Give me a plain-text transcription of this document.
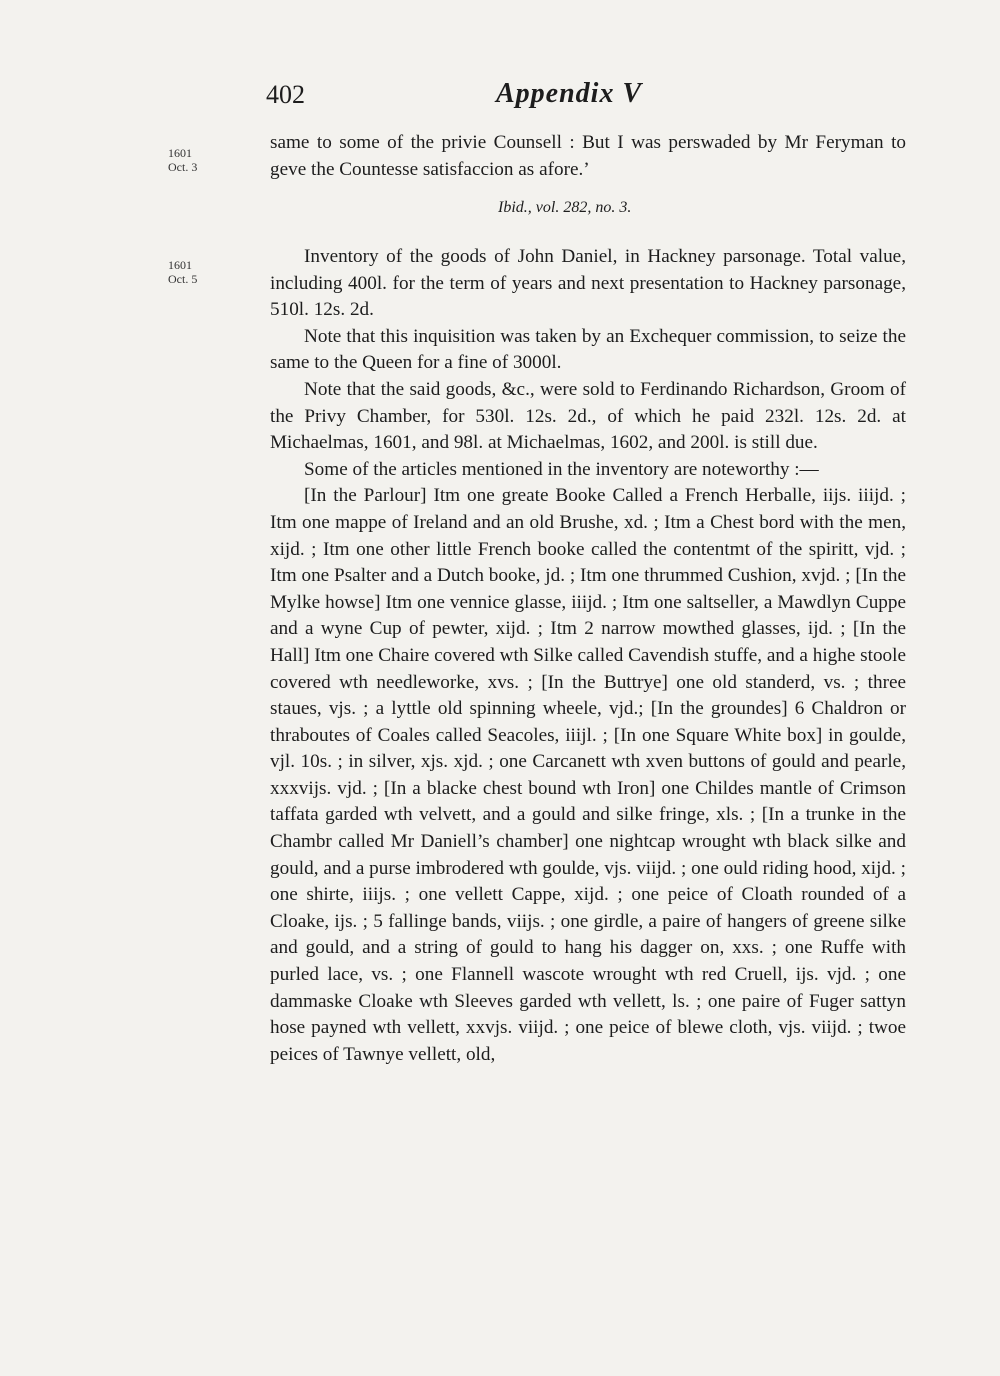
402	Appendix V
1601
Oct. 3

same to some of the privie Counsell : But I was perswaded by Mr Feryman to geve the Countesse satisfaccion as afore.’

Ibid., vol. 282, no. 3.
1601
Oct. 5

Inventory of the goods of John Daniel, in Hackney parsonage. Total value, including 400l. for the term of years and next presentation to Hackney parsonage, 510l. 12s. 2d.

Note that this inquisition was taken by an Exchequer commission, to seize the same to the Queen for a fine of 3000l.

Note that the said goods, &c., were sold to Ferdinando Richardson, Groom of the Privy Chamber, for 530l. 12s. 2d., of which he paid 232l. 12s. 2d. at Michaelmas, 1601, and 98l. at Michaelmas, 1602, and 200l. is still due.

Some of the articles mentioned in the inventory are noteworthy :—

[In the Parlour] Itm one greate Booke Called a French Herballe, iijs. iiijd. ; Itm one mappe of Ireland and an old Brushe, xd. ; Itm a Chest bord with the men, xijd. ; Itm one other little French booke called the contentmt of the spiritt, vjd. ; Itm one Psalter and a Dutch booke, jd. ; Itm one thrummed Cushion, xvjd. ; [In the Mylke howse] Itm one vennice glasse, iiijd. ; Itm one saltseller, a Mawdlyn Cuppe and a wyne Cup of pewter, xijd. ; Itm 2 narrow mowthed glasses, ijd. ; [In the Hall] Itm one Chaire covered wth Silke called Cavendish stuffe, and a highe stoole covered wth needleworke, xvs. ; [In the Buttrye] one old standerd, vs. ; three staues, vjs. ; a lyttle old spinning wheele, vjd.; [In the groundes] 6 Chaldron or thraboutes of Coales called Seacoles, iiijl. ; [In one Square White box] in goulde, vjl. 10s. ; in silver, xjs. xjd. ; one Carcanett wth xven buttons of gould and pearle, xxxvijs. vjd. ; [In a blacke chest bound wth Iron] one Childes mantle of Crimson taffata garded wth velvett, and a gould and silke fringe, xls. ; [In a trunke in the Chambr called Mr Daniell’s chamber] one nightcap wrought wth black silke and gould, and a purse imbrodered wth goulde, vjs. viijd. ; one ould riding hood, xijd. ; one shirte, iiijs. ; one vellett Cappe, xijd. ; one peice of Cloath rounded of a Cloake, ijs. ; 5 fallinge bands, viijs. ; one girdle, a paire of hangers of greene silke and gould, and a string of gould to hang his dagger on, xxs. ; one Ruffe with purled lace, vs. ; one Flannell wascote wrought wth red Cruell, ijs. vjd. ; one dammaske Cloake wth Sleeves garded wth vellett, ls. ; one paire of Fuger sattyn hose payned wth vellett, xxvjs. viijd. ; one peice of blewe cloth, vjs. viijd. ; twoe peices of Tawnye vellett, old,
